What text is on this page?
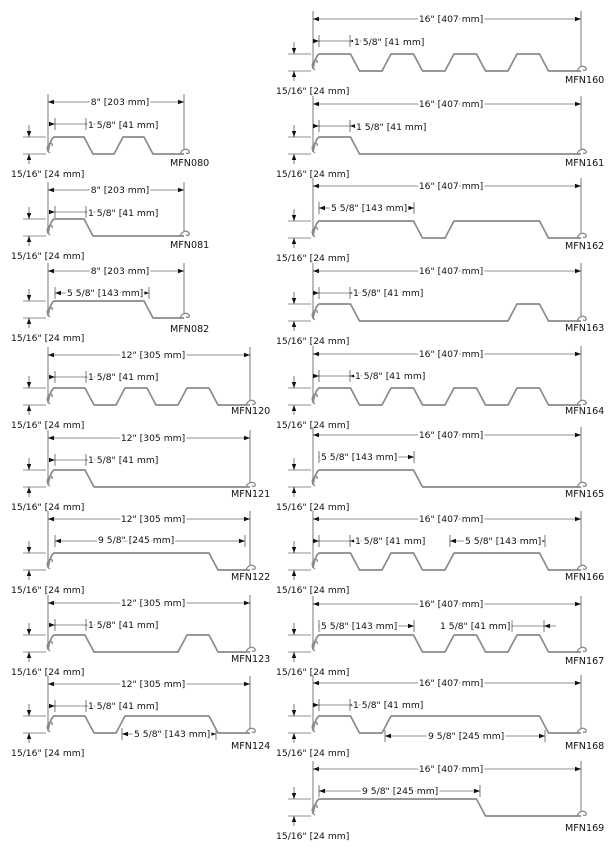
8" [203 mm]
1 5/8" [41 mm]
15/16" [24 mm]
MFN080
8" [203 mm]
1 5/8" [41 mm]
15/16" [24 mm]
MFN081
8" [203 mm]
5 5/8" [143 mm]
15/16" [24 mm]
MFN082
12" [305 mm]
1 5/8" [41 mm]
15/16" [24 mm]
MFN120
12" [305 mm]
1 5/8" [41 mm]
15/16" [24 mm]
MFN121
12" [305 mm]
9 5/8" [245 mm]
15/16" [24 mm]
MFN122
12" [305 mm]
1 5/8" [41 mm]
15/16" [24 mm]
MFN123
12" [305 mm]
1 5/8" [41 mm]
5 5/8" [143 mm]
15/16" [24 mm]
MFN124
16" [407 mm]
1 5/8" [41 mm]
15/16" [24 mm]
MFN160
16" [407 mm]
1 5/8" [41 mm]
15/16" [24 mm]
MFN161
16" [407 mm]
5 5/8" [143 mm]
15/16" [24 mm]
MFN162
16" [407 mm]
1 5/8" [41 mm]
15/16" [24 mm]
MFN163
16" [407 mm]
1 5/8" [41 mm]
15/16" [24 mm]
MFN164
16" [407 mm]
5 5/8" [143 mm]
15/16" [24 mm]
MFN165
16" [407 mm]
1 5/8" [41 mm]	5 5/8" [143 mm]
15/16" [24 mm]
MFN166
16" [407 mm]
5 5/8" [143 mm]	1 5/8" [41 mm]
15/16" [24 mm]
MFN167
16" [407 mm]
1 5/8" [41 mm]
9 5/8" [245 mm]
15/16" [24 mm]
MFN168
16" [407 mm]
9 5/8" [245 mm]
15/16" [24 mm]
MFN169
